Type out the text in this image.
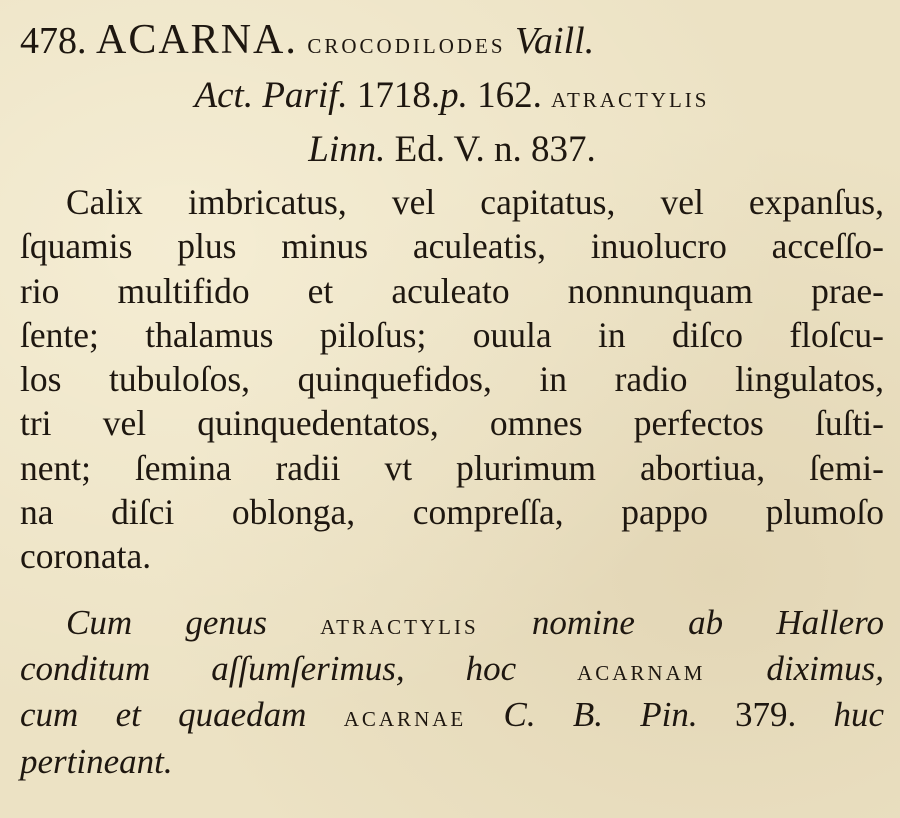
478. ACARNA. crocodilodes Vaill.
Act. Parif. 1718.p. 162. atractylis
Linn. Ed. V. n. 837.
Calix imbricatus, vel capitatus, vel expanſus,
ſquamis plus minus aculeatis, inuolucro acceſſo-
rio multifido et aculeato nonnunquam prae-
ſente; thalamus piloſus; ouula in diſco floſcu-
los tubuloſos, quinquefidos, in radio lingulatos,
tri vel quinquedentatos, omnes perfectos ſuſti-
nent; ſemina radii vt plurimum abortiua, ſemi-
na diſci oblonga, compreſſa, pappo plumoſo
coronata.
Cum genus atractylis nomine ab Hallero
conditum aſſumſerimus, hoc acarnam diximus,
cum et quaedam acarnae C. B. Pin. 379. huc
pertineant.
